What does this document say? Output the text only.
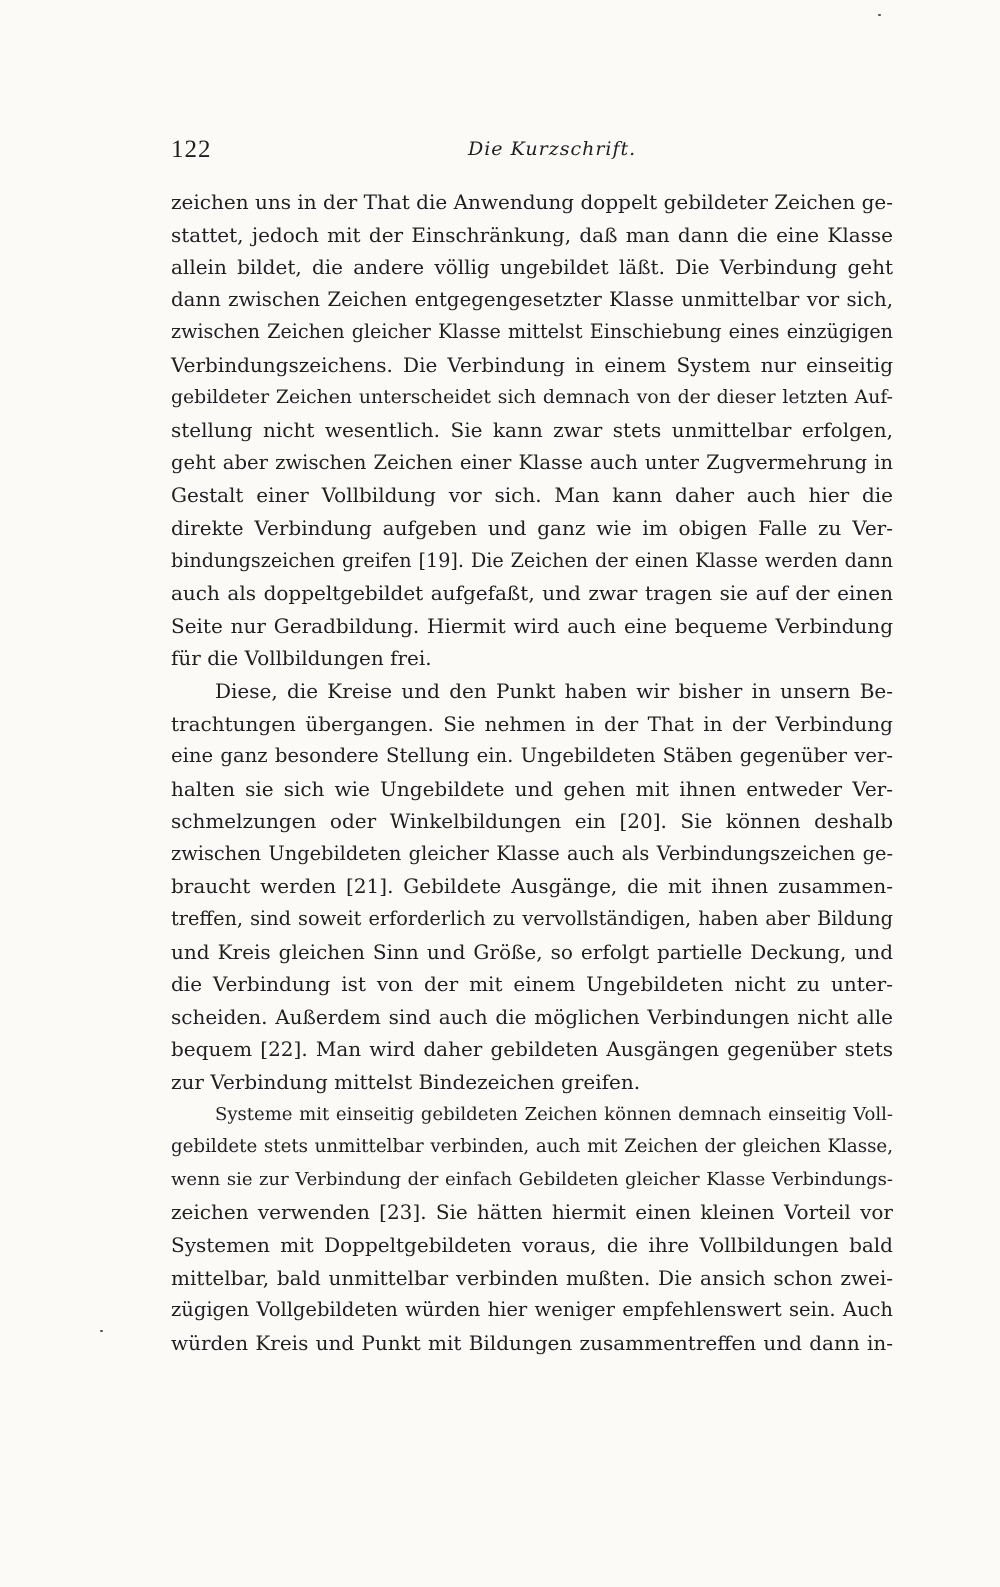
122	Die Kurzschrift.
zeichen uns in der That die Anwendung doppelt gebildeter Zeichen ge-
stattet, jedoch mit der Einschränkung, daß man dann die eine Klasse
allein bildet, die andere völlig ungebildet läßt. Die Verbindung geht
dann zwischen Zeichen entgegengesetzter Klasse unmittelbar vor sich,
zwischen Zeichen gleicher Klasse mittelst Einschiebung eines einzügigen
Verbindungszeichens. Die Verbindung in einem System nur einseitig
gebildeter Zeichen unterscheidet sich demnach von der dieser letzten Auf-
stellung nicht wesentlich. Sie kann zwar stets unmittelbar erfolgen,
geht aber zwischen Zeichen einer Klasse auch unter Zugvermehrung in
Gestalt einer Vollbildung vor sich. Man kann daher auch hier die
direkte Verbindung aufgeben und ganz wie im obigen Falle zu Ver-
bindungszeichen greifen [19]. Die Zeichen der einen Klasse werden dann
auch als doppeltgebildet aufgefaßt, und zwar tragen sie auf der einen
Seite nur Geradbildung. Hiermit wird auch eine bequeme Verbindung
für die Vollbildungen frei.
Diese, die Kreise und den Punkt haben wir bisher in unsern Be-
trachtungen übergangen. Sie nehmen in der That in der Verbindung
eine ganz besondere Stellung ein. Ungebildeten Stäben gegenüber ver-
halten sie sich wie Ungebildete und gehen mit ihnen entweder Ver-
schmelzungen oder Winkelbildungen ein [20]. Sie können deshalb
zwischen Ungebildeten gleicher Klasse auch als Verbindungszeichen ge-
braucht werden [21]. Gebildete Ausgänge, die mit ihnen zusammen-
treffen, sind soweit erforderlich zu vervollständigen, haben aber Bildung
und Kreis gleichen Sinn und Größe, so erfolgt partielle Deckung, und
die Verbindung ist von der mit einem Ungebildeten nicht zu unter-
scheiden. Außerdem sind auch die möglichen Verbindungen nicht alle
bequem [22]. Man wird daher gebildeten Ausgängen gegenüber stets
zur Verbindung mittelst Bindezeichen greifen.
Systeme mit einseitig gebildeten Zeichen können demnach einseitig Voll-
gebildete stets unmittelbar verbinden, auch mit Zeichen der gleichen Klasse,
wenn sie zur Verbindung der einfach Gebildeten gleicher Klasse Verbindungs-
zeichen verwenden [23]. Sie hätten hiermit einen kleinen Vorteil vor
Systemen mit Doppeltgebildeten voraus, die ihre Vollbildungen bald
mittelbar, bald unmittelbar verbinden mußten. Die ansich schon zwei-
zügigen Vollgebildeten würden hier weniger empfehlenswert sein. Auch
würden Kreis und Punkt mit Bildungen zusammentreffen und dann in-
